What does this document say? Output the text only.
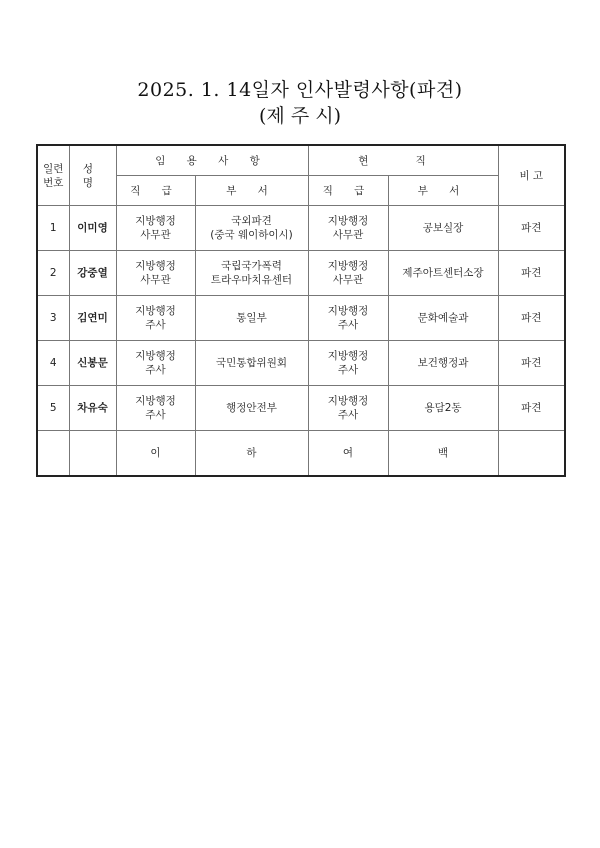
2025. 1. 14일자 인사발령사항(파견)
(제 주 시)
일련
번호	성 명	임 용 사 항		현 직		비 고
		직 급	부 서	직 급	부 서	
1	이미영	지방행정
사무관	국외파견
(중국 웨이하이시)	지방행정
사무관	공보실장	파견
2	강중열	지방행정
사무관	국립국가폭력
트라우마치유센터	지방행정
사무관	제주아트센터소장	파견
3	김연미	지방행정
주사	통일부	지방행정
주사	문화예술과	파견
4	신봉문	지방행정
주사	국민통합위원회	지방행정
주사	보건행정과	파견
5	차유숙	지방행정
주사	행정안전부	지방행정
주사	용담2동	파견
		이	하	여	백	
